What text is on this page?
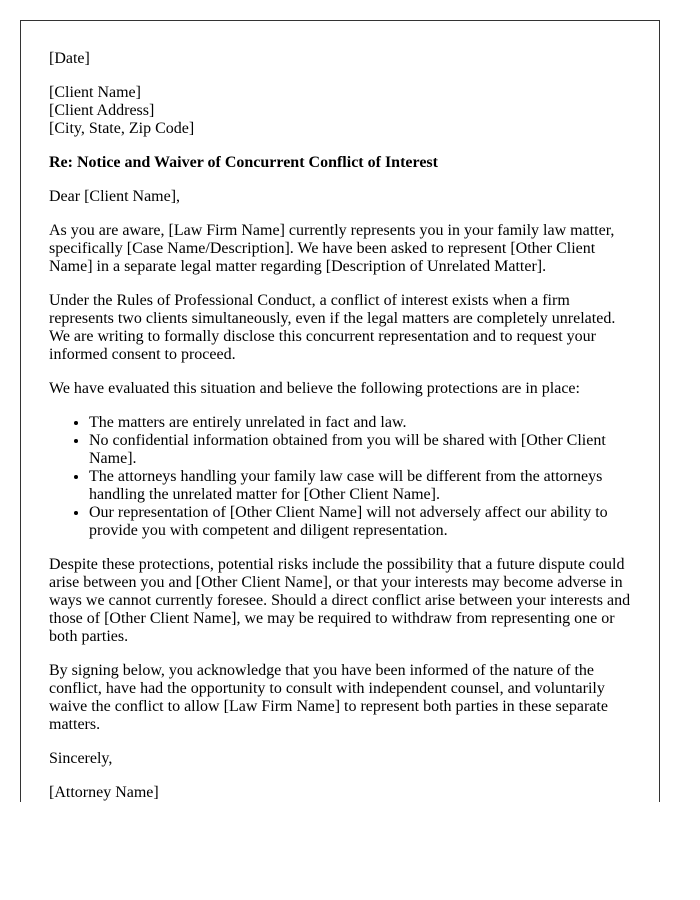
[Date]

[Client Name]
[Client Address]
[City, State, Zip Code]

Re: Notice and Waiver of Concurrent Conflict of Interest

Dear [Client Name],

As you are aware, [Law Firm Name] currently represents you in your family law matter, specifically [Case Name/Description]. We have been asked to represent [Other Client Name] in a separate legal matter regarding [Description of Unrelated Matter].

Under the Rules of Professional Conduct, a conflict of interest exists when a firm represents two clients simultaneously, even if the legal matters are completely unrelated. We are writing to formally disclose this concurrent representation and to request your informed consent to proceed.

We have evaluated this situation and believe the following protections are in place:

• The matters are entirely unrelated in fact and law.
• No confidential information obtained from you will be shared with [Other Client Name].
• The attorneys handling your family law case will be different from the attorneys handling the unrelated matter for [Other Client Name].
• Our representation of [Other Client Name] will not adversely affect our ability to provide you with competent and diligent representation.

Despite these protections, potential risks include the possibility that a future dispute could arise between you and [Other Client Name], or that your interests may become adverse in ways we cannot currently foresee. Should a direct conflict arise between your interests and those of [Other Client Name], we may be required to withdraw from representing one or both parties.

By signing below, you acknowledge that you have been informed of the nature of the conflict, have had the opportunity to consult with independent counsel, and voluntarily waive the conflict to allow [Law Firm Name] to represent both parties in these separate matters.

Sincerely,

[Attorney Name]
